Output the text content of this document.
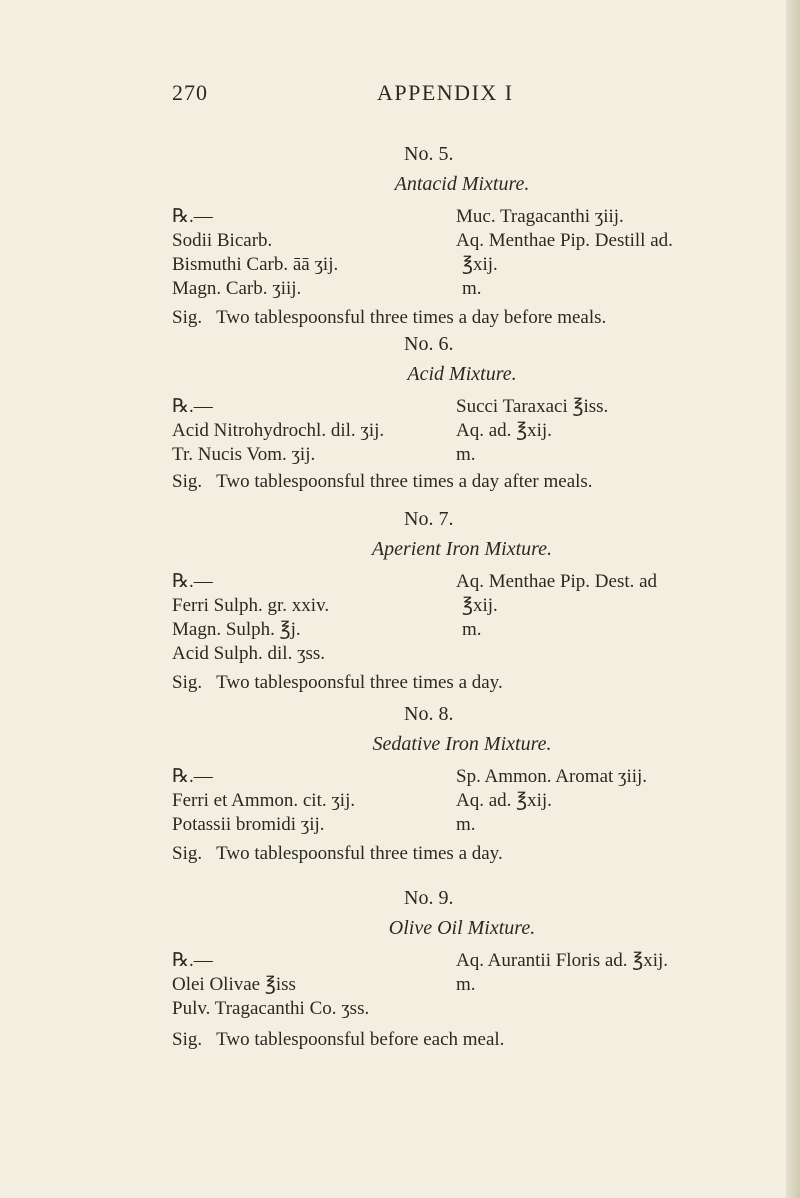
270	APPENDIX I
No. 5.
Antacid Mixture.
℞.—
Sodii Bicarb.
Bismuthi Carb. āā ʒij.
Magn. Carb. ʒiij.
Muc. Tragacanthi ʒiij.
Aq. Menthae Pip. Destill ad.
℥xij.
m.
Sig. Two tablespoonsful three times a day before meals.
No. 6.
Acid Mixture.
℞.—
Acid Nitrohydrochl. dil. ʒij.
Tr. Nucis Vom. ʒij.
Succi Taraxaci ℥iss.
Aq. ad. ℥xij.
m.
Sig. Two tablespoonsful three times a day after meals.
No. 7.
Aperient Iron Mixture.
℞.—
Ferri Sulph. gr. xxiv.
Magn. Sulph. ℥j.
Acid Sulph. dil. ʒss.
Aq. Menthae Pip. Dest. ad
℥xij.
m.
Sig. Two tablespoonsful three times a day.
No. 8.
Sedative Iron Mixture.
℞.—
Ferri et Ammon. cit. ʒij.
Potassii bromidi ʒij.
Sp. Ammon. Aromat ʒiij.
Aq. ad. ℥xij.
m.
Sig. Two tablespoonsful three times a day.
No. 9.
Olive Oil Mixture.
℞.—
Olei Olivae ℥iss
Pulv. Tragacanthi Co. ʒss.
Aq. Aurantii Floris ad. ℥xij.
m.
Sig. Two tablespoonsful before each meal.
